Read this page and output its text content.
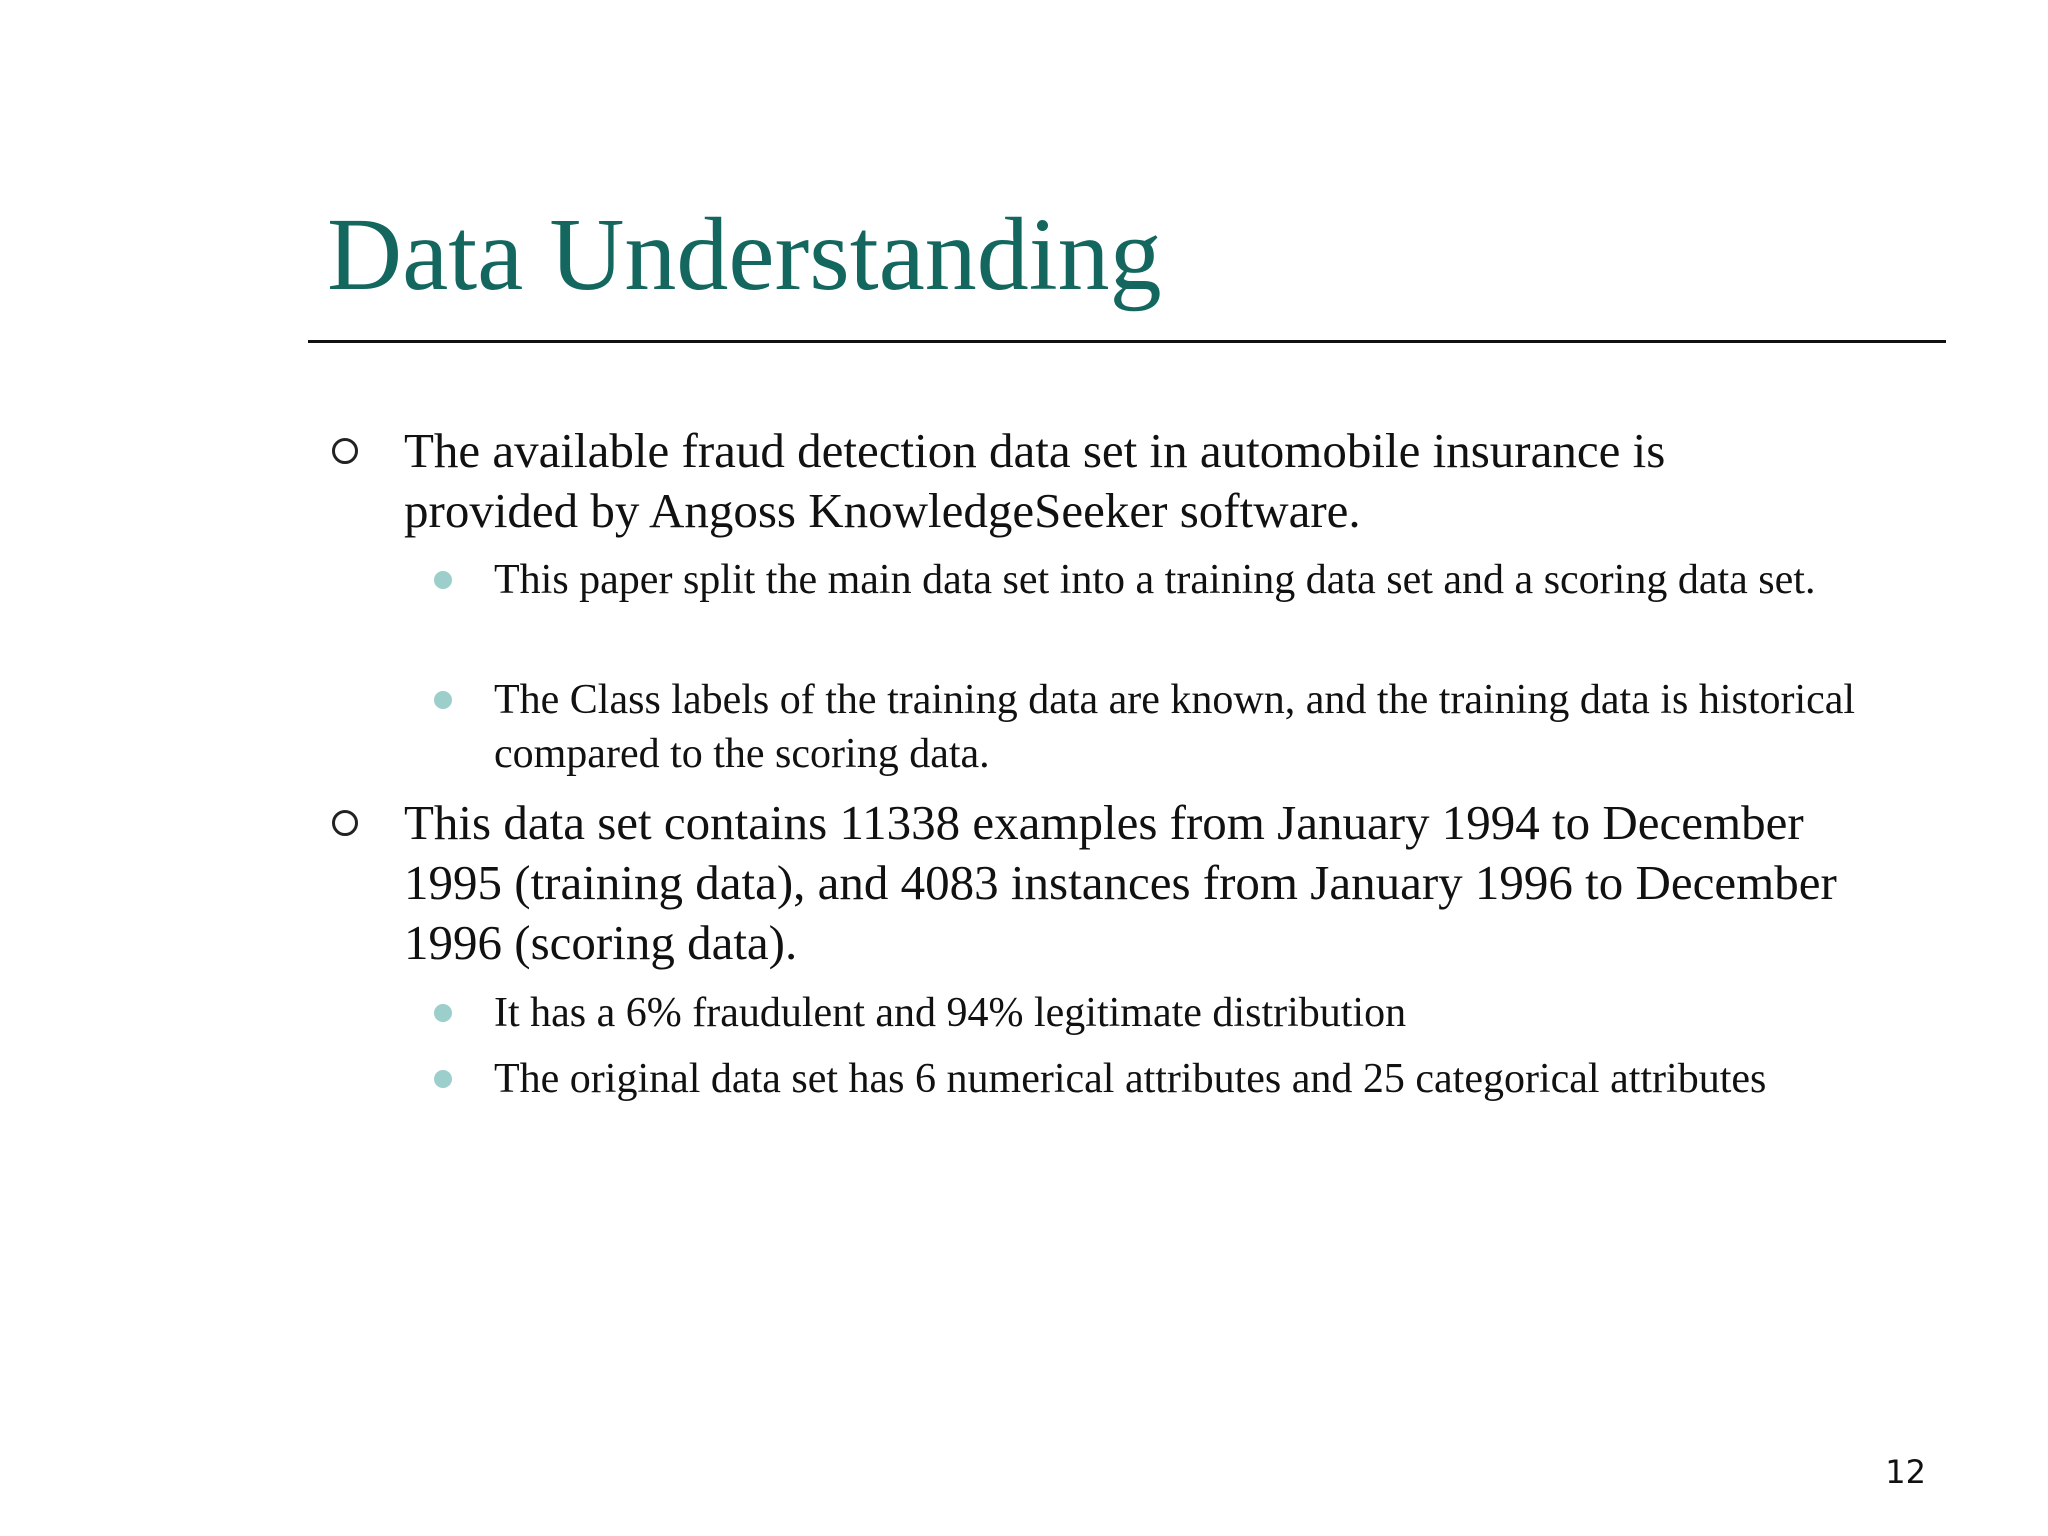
Data Understanding
The available fraud detection data set in automobile insurance is provided by Angoss KnowledgeSeeker software.
This paper split the main data set into a training data set and a scoring data set.
The Class labels of the training data are known, and the training data is historical compared to the scoring data.
This data set contains 11338 examples from January 1994 to December 1995 (training data), and 4083 instances from January 1996 to December 1996 (scoring data).
It has a 6% fraudulent and 94% legitimate distribution
The original data set has 6 numerical attributes and 25 categorical attributes
12
